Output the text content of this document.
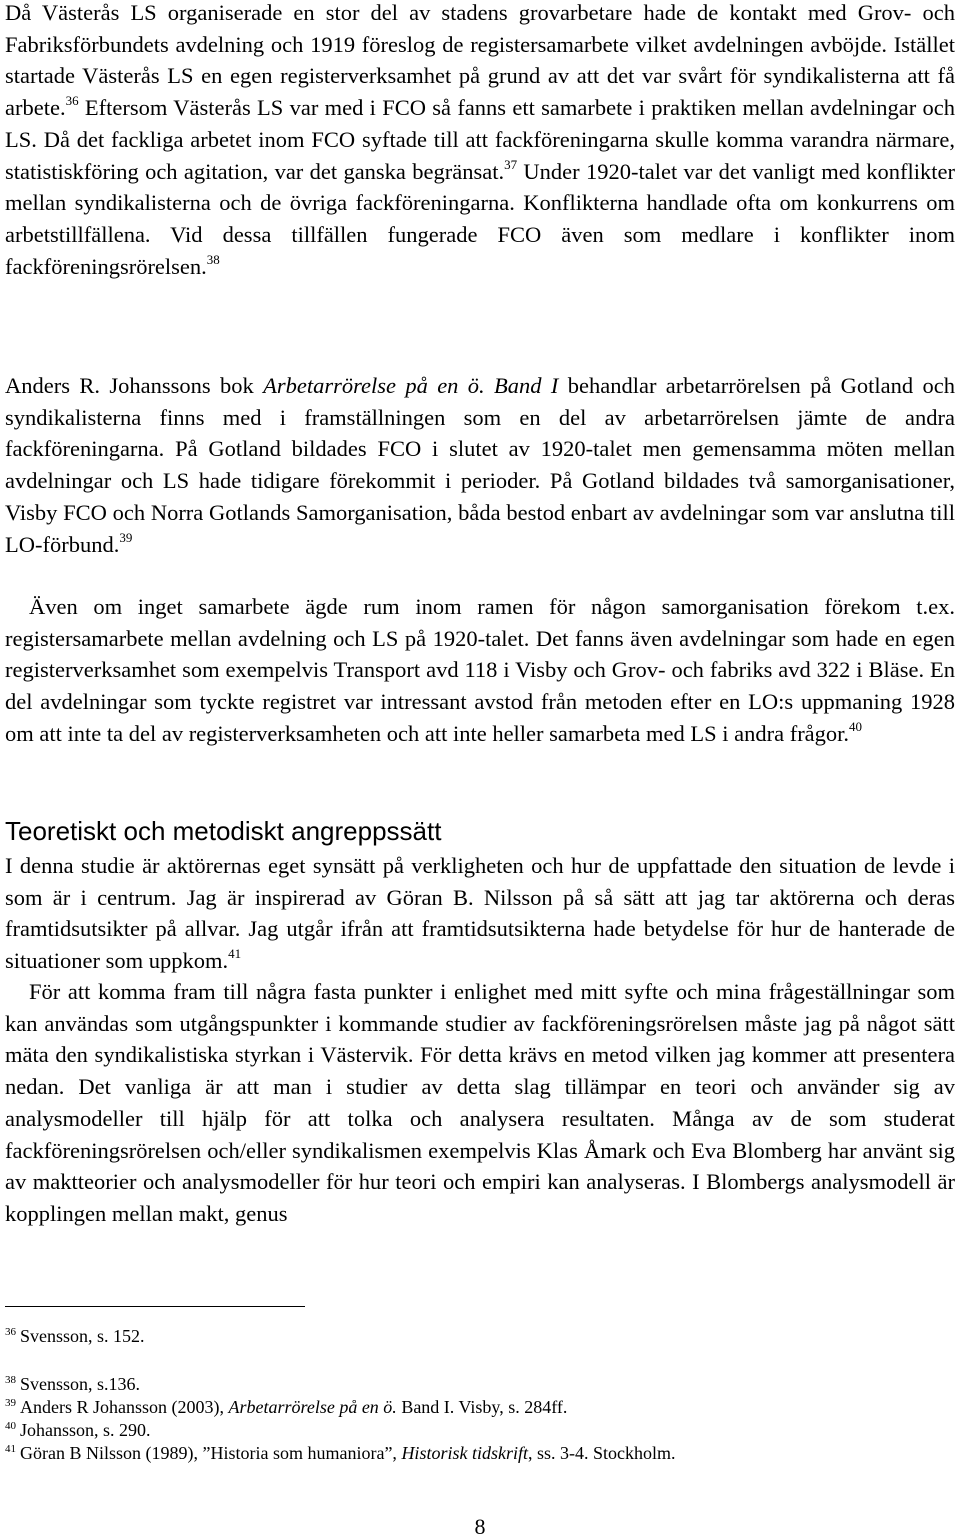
Då Västerås LS organiserade en stor del av stadens grovarbetare hade de kontakt med Grov- och Fabriksförbundets avdelning och 1919 föreslog de registersamarbete vilket avdelningen avböjde. Istället startade Västerås LS en egen registerverksamhet på grund av att det var svårt för syndikalisterna att få arbete.$^{36}$ Eftersom Västerås LS var med i FCO så fanns ett samarbete i praktiken mellan avdelningar och LS. Då det fackliga arbetet inom FCO syftade till att fackföreningarna skulle komma varandra närmare, statistiskföring och agitation, var det ganska begränsat.$^{37}$ Under 1920-talet var det vanligt med konflikter mellan syndikalisterna och de övriga fackföreningarna. Konflikterna handlade ofta om konkurrens om arbetstillfällena. Vid dessa tillfällen fungerade FCO även som medlare i konflikter inom fackföreningsrörelsen.$^{38}$

Anders R. Johanssons bok Arbetarrörelse på en ö. Band I behandlar arbetarrörelsen på Gotland och syndikalisterna finns med i framställningen som en del av arbetarrörelsen jämte de andra fackföreningarna. På Gotland bildades FCO i slutet av 1920-talet men gemensamma möten mellan avdelningar och LS hade tidigare förekommit i perioder. På Gotland bildades två samorganisationer, Visby FCO och Norra Gotlands Samorganisation, båda bestod enbart av avdelningar som var anslutna till LO-förbund.$^{39}$

Även om inget samarbete ägde rum inom ramen för någon samorganisation förekom t.ex. registersamarbete mellan avdelning och LS på 1920-talet. Det fanns även avdelningar som hade en egen registerverksamhet som exempelvis Transport avd 118 i Visby och Grov- och fabriks avd 322 i Bläse. En del avdelningar som tyckte registret var intressant avstod från metoden efter en LO:s uppmaning 1928 om att inte ta del av registerverksamheten och att inte heller samarbeta med LS i andra frågor.$^{40}$

Teoretiskt och metodiskt angreppssätt

I denna studie är aktörernas eget synsätt på verkligheten och hur de uppfattade den situation de levde i som är i centrum. Jag är inspirerad av Göran B. Nilsson på så sätt att jag tar aktörerna och deras framtidsutsikter på allvar. Jag utgår ifrån att framtidsutsikterna hade betydelse för hur de hanterade de situationer som uppkom.$^{41}$

För att komma fram till några fasta punkter i enlighet med mitt syfte och mina frågeställningar som kan användas som utgångspunkter i kommande studier av fackföreningsrörelsen måste jag på något sätt mäta den syndikalistiska styrkan i Västervik. För detta krävs en metod vilken jag kommer att presentera nedan. Det vanliga är att man i studier av detta slag tillämpar en teori och använder sig av analysmodeller till hjälp för att tolka och analysera resultaten. Många av de som studerat fackföreningsrörelsen och/eller syndikalismen exempelvis Klas Åmark och Eva Blomberg har använt sig av maktteorier och analysmodeller för hur teori och empiri kan analyseras. I Blombergs analysmodell är kopplingen mellan makt, genus

$^{36}$ Svensson, s. 152.
$^{38}$ Svensson, s.136.
$^{39}$ Anders R Johansson (2003), Arbetarrörelse på en ö. Band I. Visby, s. 284ff.
$^{40}$ Johansson, s. 290.
$^{41}$ Göran B Nilsson (1989), ”Historia som humaniora”, Historisk tidskrift, ss. 3-4. Stockholm.
8
